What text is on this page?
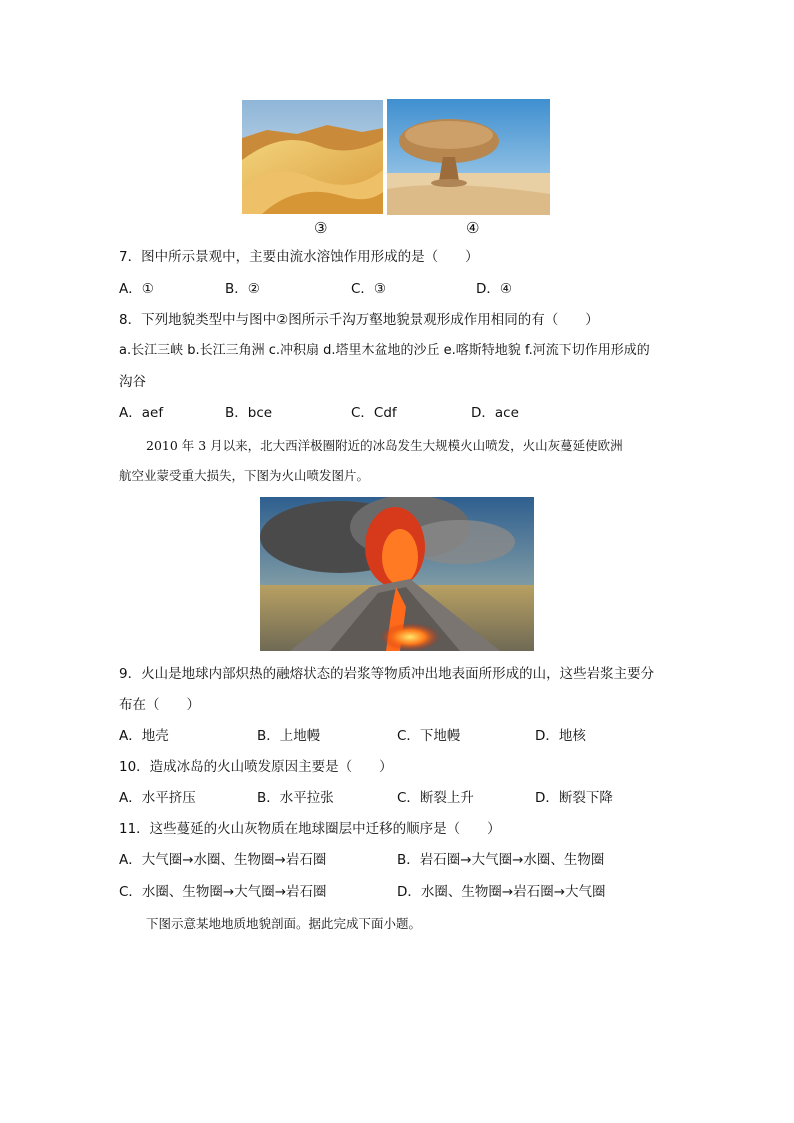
③	④
7．图中所示景观中，主要由流水溶蚀作用形成的是（　　）
A．①	B．②	C．③	D．④
8．下列地貌类型中与图中②图所示千沟万壑地貌景观形成作用相同的有（　　）
a.长江三峡 b.长江三角洲 c.冲积扇 d.塔里木盆地的沙丘 e.喀斯特地貌 f.河流下切作用形成的
沟谷
A．aef	B．bce	C．Cdf	D．ace
2010 年 3 月以来，北大西洋极圈附近的冰岛发生大规模火山喷发，火山灰蔓延使欧洲
航空业蒙受重大损失，下图为火山喷发图片。
9．火山是地球内部炽热的融熔状态的岩浆等物质冲出地表面所形成的山，这些岩浆主要分
布在（　　）
A．地壳	B．上地幔	C．下地幔	D．地核
10．造成冰岛的火山喷发原因主要是（　　）
A．水平挤压	B．水平拉张	C．断裂上升	D．断裂下降
11．这些蔓延的火山灰物质在地球圈层中迁移的顺序是（　　）
A．大气圈→水圈、生物圈→岩石圈	B．岩石圈→大气圈→水圈、生物圈
C．水圈、生物圈→大气圈→岩石圈	D．水圈、生物圈→岩石圈→大气圈
下图示意某地地质地貌剖面。据此完成下面小题。
